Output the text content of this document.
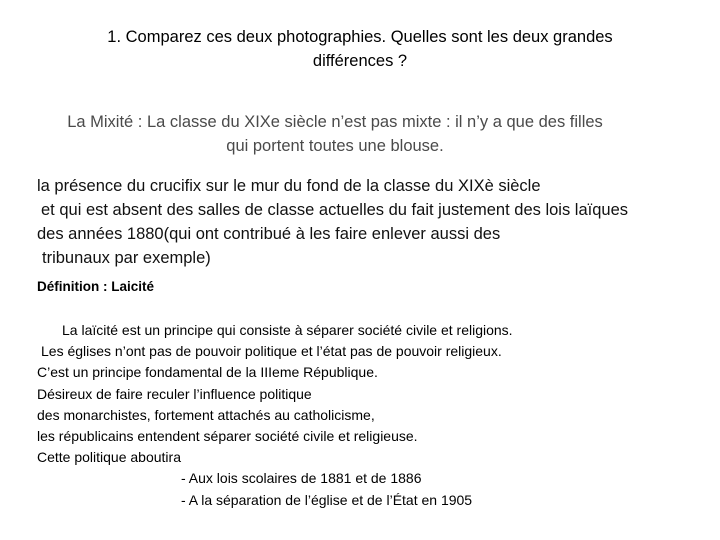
1. Comparez ces deux photographies. Quelles sont les deux grandes
différences ?
La Mixité : La classe du XIXe siècle n’est pas mixte : il n’y a que des filles
qui portent toutes une blouse.
la présence du crucifix sur le mur du fond de la classe du XIXè siècle
et qui est absent des salles de classe actuelles du fait justement des lois laïques
des années 1880(qui ont contribué à les faire enlever aussi des
tribunaux par exemple)
Définition : Laicité
La laïcité est un principe qui consiste à séparer société civile et religions.
Les églises n’ont pas de pouvoir politique et l’état pas de pouvoir religieux.
C’est un principe fondamental de la IIIeme République.
Désireux de faire reculer l’influence politique
des monarchistes, fortement attachés au catholicisme,
les républicains entendent séparer société civile et religieuse.
Cette politique aboutira
- Aux lois scolaires de 1881 et de 1886
- A la séparation de l’église et de l’État en 1905
